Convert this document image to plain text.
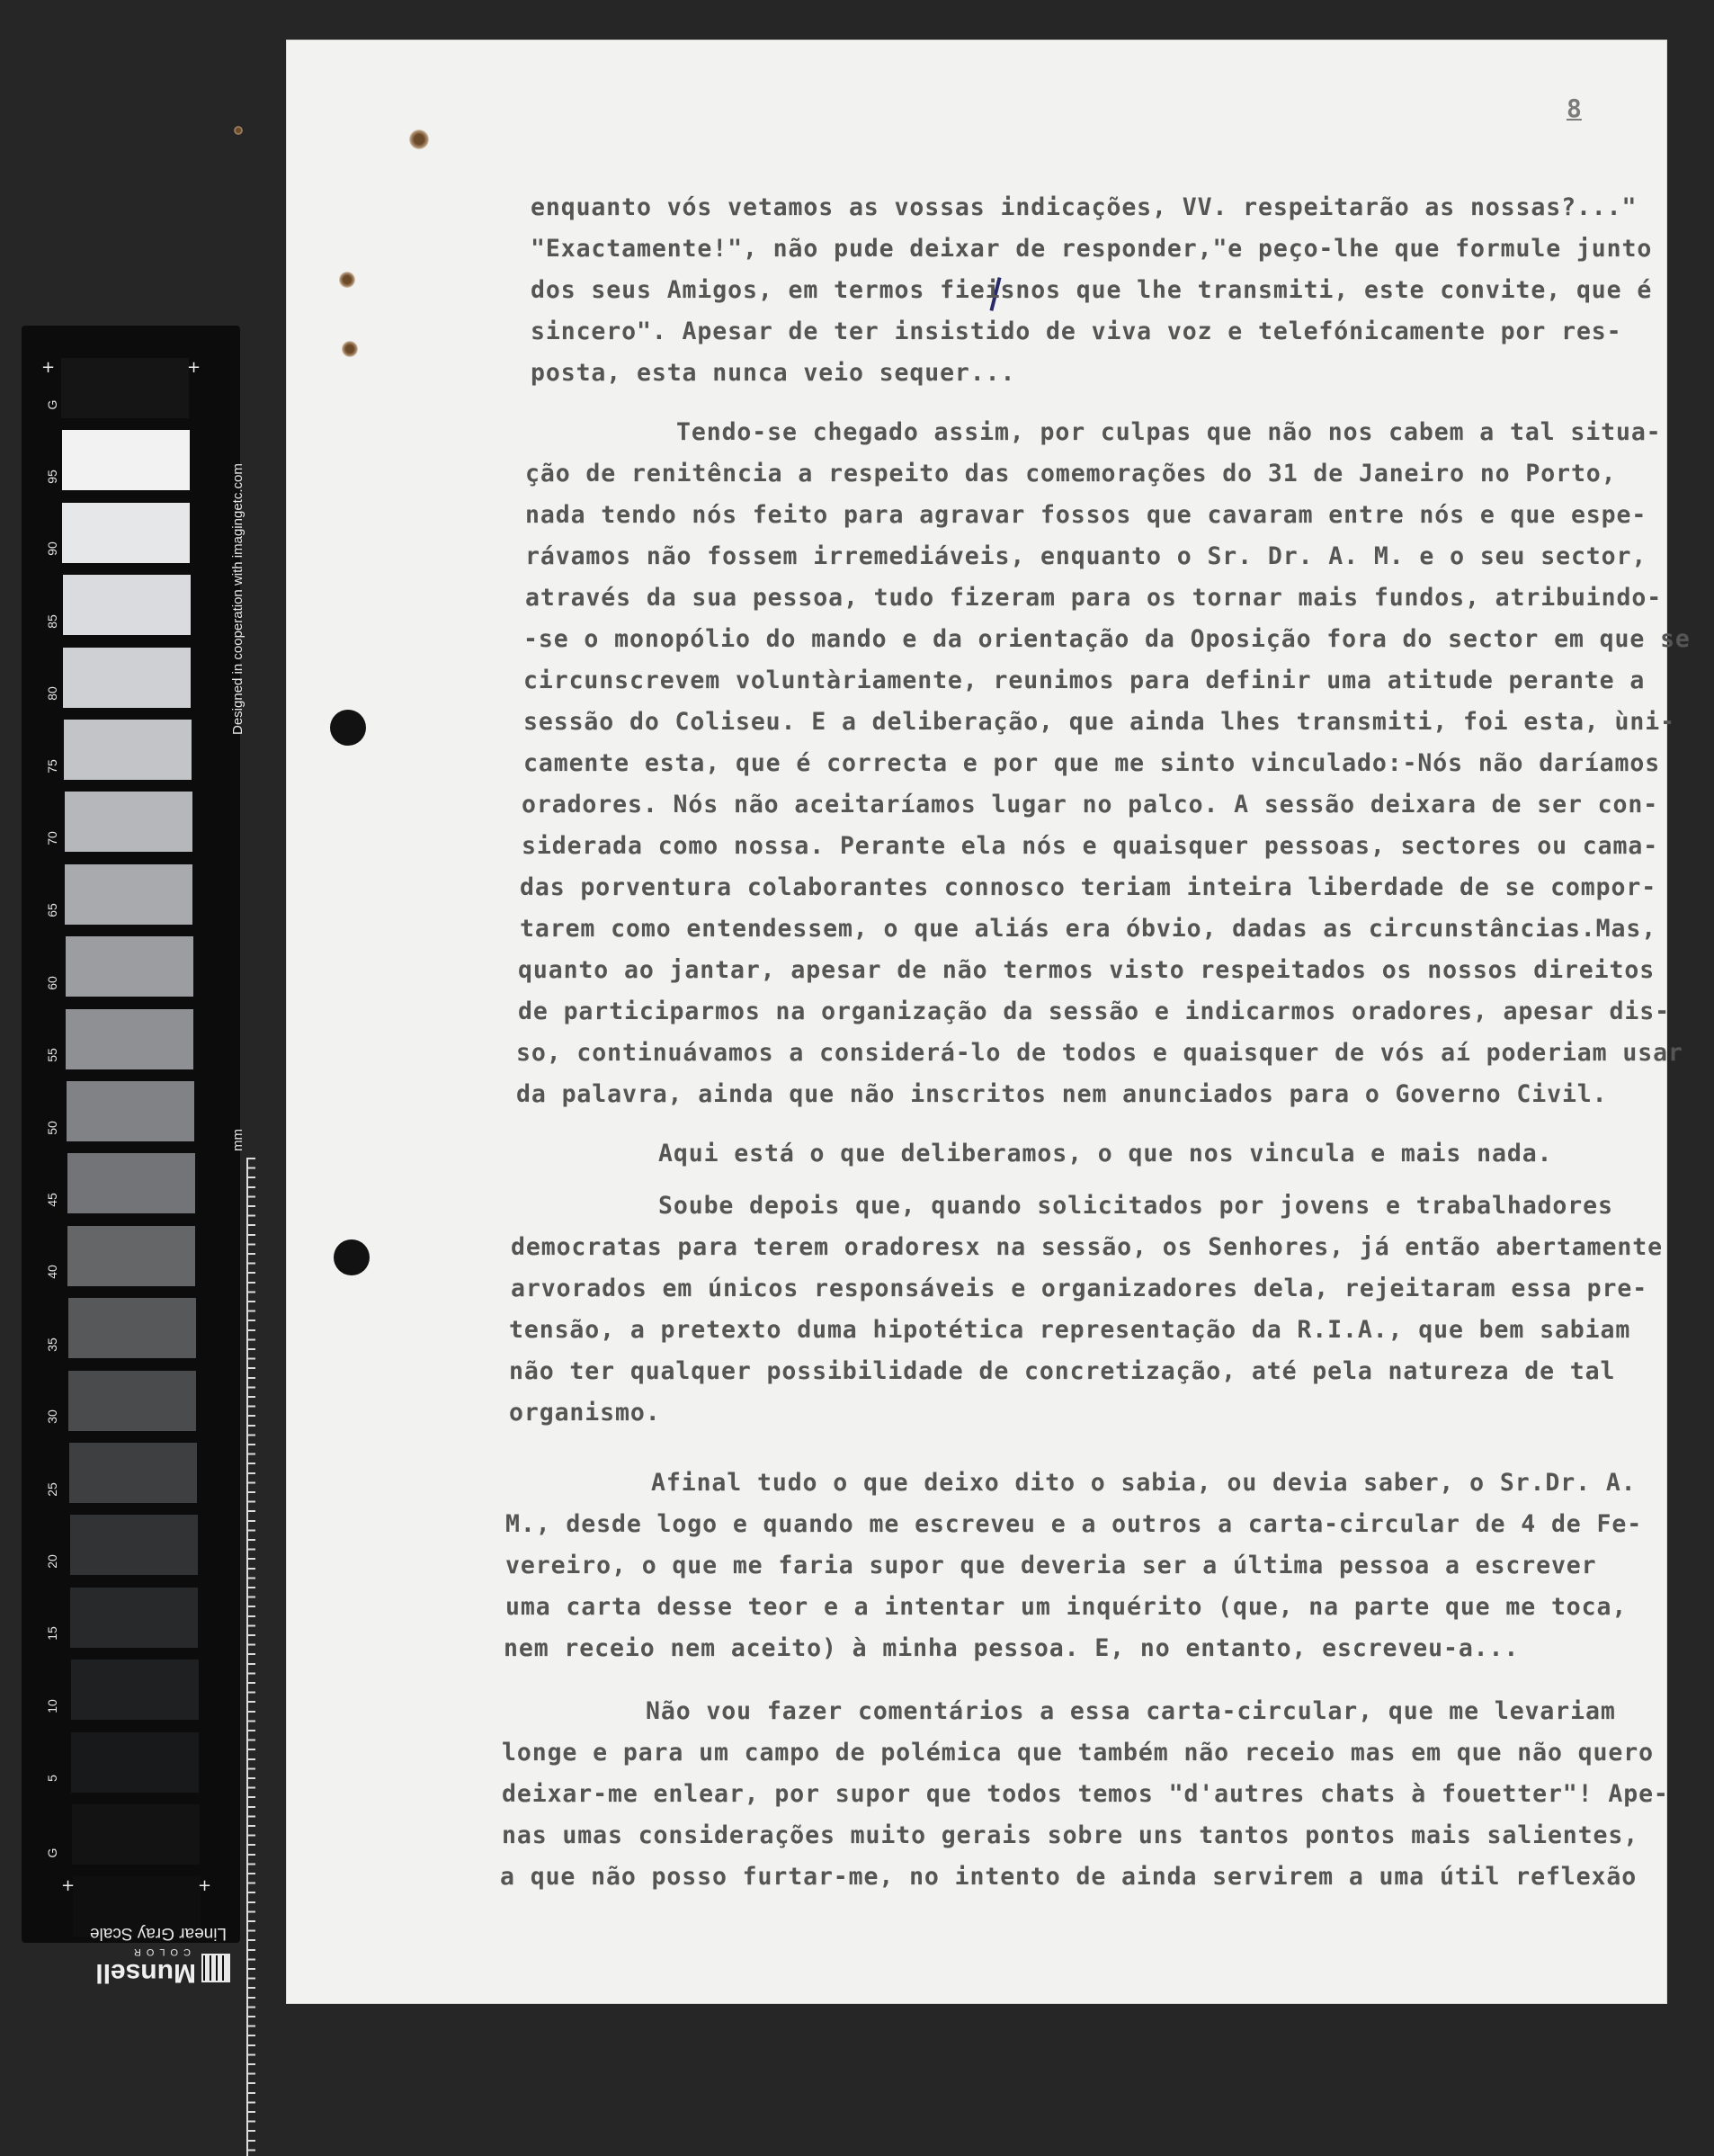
G
G
95
90
85
80
75
70
65
60
55
50
45
40
35
30
25
20
15
10
5
+	+
+	+
Designed in cooperation with imagingetc.com
mm
Linear Gray Scale
COLOR
Munsell
8
enquanto vós vetamos as vossas indicações, VV. respeitarão as nossas?..."
"Exactamente!", não pude deixar de responder,"e peço-lhe que formule junto
dos seus Amigos, em termos fieisnos que lhe transmiti, este convite, que é
sincero". Apesar de ter insistido de viva voz e telefónicamente por res-
posta, esta nunca veio sequer...
Tendo-se chegado assim, por culpas que não nos cabem a tal situa-
ção de renitência a respeito das comemorações do 31 de Janeiro no Porto,
nada tendo nós feito para agravar fossos que cavaram entre nós e que espe-
rávamos não fossem irremediáveis, enquanto o Sr. Dr. A. M. e o seu sector,
através da sua pessoa, tudo fizeram para os tornar mais fundos, atribuindo-
-se o monopólio do mando e da orientação da Oposição fora do sector em que se
circunscrevem voluntàriamente, reunimos para definir uma atitude perante a
sessão do Coliseu. E a deliberação, que ainda lhes transmiti, foi esta, ùni-
camente esta, que é correcta e por que me sinto vinculado:-Nós não daríamos
oradores. Nós não aceitaríamos lugar no palco. A sessão deixara de ser con-
siderada como nossa. Perante ela nós e quaisquer pessoas, sectores ou cama-
das porventura colaborantes connosco teriam inteira liberdade de se compor-
tarem como entendessem, o que aliás era óbvio, dadas as circunstâncias.Mas,
quanto ao jantar, apesar de não termos visto respeitados os nossos direitos
de participarmos na organização da sessão e indicarmos oradores, apesar dis-
so, continuávamos a considerá-lo de todos e quaisquer de vós aí poderiam usar
da palavra, ainda que não inscritos nem anunciados para o Governo Civil.
Aqui está o que deliberamos, o que nos vincula e mais nada.
Soube depois que, quando solicitados por jovens e trabalhadores
democratas para terem oradoresx na sessão, os Senhores, já então abertamente
arvorados em únicos responsáveis e organizadores dela, rejeitaram essa pre-
tensão, a pretexto duma hipotética representação da R.I.A., que bem sabiam
não ter qualquer possibilidade de concretização, até pela natureza de tal
organismo.
Afinal tudo o que deixo dito o sabia, ou devia saber, o Sr.Dr. A.
M., desde logo e quando me escreveu e a outros a carta-circular de 4 de Fe-
vereiro, o que me faria supor que deveria ser a última pessoa a escrever
uma carta desse teor e a intentar um inquérito (que, na parte que me toca,
nem receio nem aceito) à minha pessoa. E, no entanto, escreveu-a...
Não vou fazer comentários a essa carta-circular, que me levariam
longe e para um campo de polémica que também não receio mas em que não quero
deixar-me enlear, por supor que todos temos "d'autres chats à fouetter"! Ape-
nas umas considerações muito gerais sobre uns tantos pontos mais salientes,
a que não posso furtar-me, no intento de ainda servirem a uma útil reflexão
